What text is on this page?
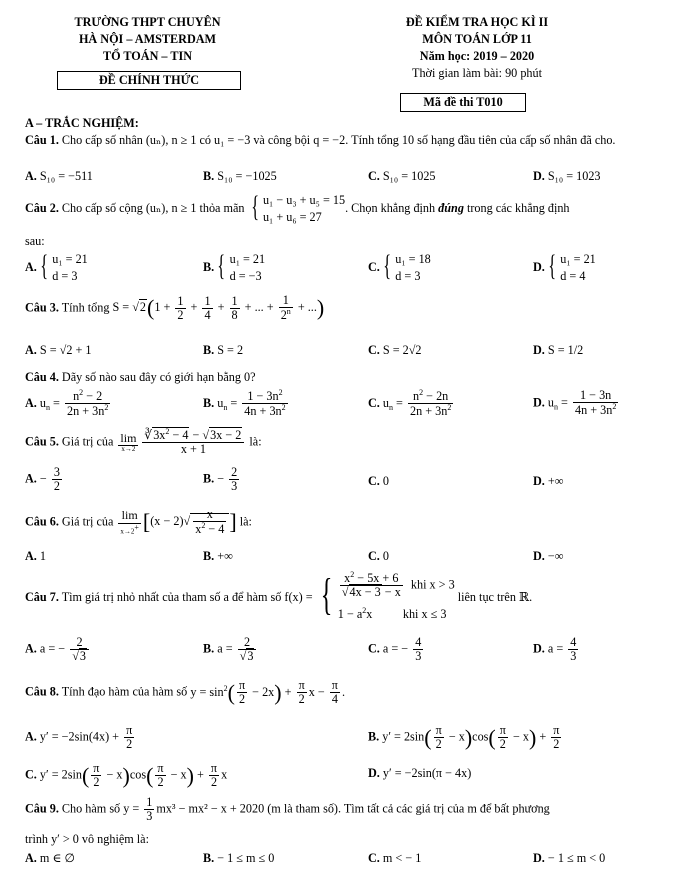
TRƯỜNG THPT CHUYÊN
HÀ NỘI – AMSTERDAM
TỔ TOÁN – TIN
ĐỀ CHÍNH THỨC
ĐỀ KIỂM TRA HỌC KÌ II
MÔN TOÁN LỚP 11
Năm học: 2019 – 2020
Thời gian làm bài: 90 phút
Mã đề thi T010
A – TRẮC NGHIỆM:
Câu 1. Cho cấp số nhân (uₙ), n ≥ 1 có u₁ = −3 và công bội q = −2. Tính tổng 10 số hạng đầu tiên của cấp số nhân đã cho.
A. S₁₀ = −511	B. S₁₀ = −1025	C. S₁₀ = 1025	D. S₁₀ = 1023
Câu 2. Cho cấp số cộng (uₙ), n ≥ 1 thỏa mãn { u₁ − u₃ + u₅ = 15
u₁ + u₆ = 27
. Chọn khẳng định đúng trong các khẳng định
sau:
A. { u₁ = 21
d = 3
B. { u₁ = 21
d = −3
C. { u₁ = 18
d = 3
D. { u₁ = 21
d = 4
Câu 3. Tính tổng $S = √2(1 + \frac{1}{2} + \frac{1}{4} + \frac{1}{8}$ + ... + $\frac{1}{2^n}$ + ...)
A. S = √2 + 1	B. S = 2	C. S = 2√2	D. S = 1/2
Câu 4. Dãy số nào sau đây có giới hạn bằng 0?
A. $u_n = \frac{n^2 - 2}{2n + 3n^2}$	B. $u_n = \frac{1 - 3n^2}{4n + 3n^2}$	C. $u_n = \frac{n^2 - 2n}{2n + 3n^2}$	D. $u_n = \frac{1 - 3n}{4n + 3n^2}$
Câu 5. Giá trị của $\frac{\lim}{x\to 2} \frac{∛3x^2 - 4 - √3x - 2}{x + 1}$ là:
A. − $\frac{3}{2}$	B. − $\frac{2}{3}$	C. 0	D. +∞
Câu 6. Giá trị của $\frac{\lim}{x\to 2^+} [(x - 2)√ \frac{x}{x^2 - 4}$ ] là:
A. 1	B. +∞	C. 0	D. −∞
Câu 7. Tìm giá trị nhỏ nhất của tham số a để hàm số f(x) = { $\frac{x^2 - 5x + 6}{√4x - 3 - x}$ khi x > 3
$1 - a^2x$          khi x ≤ 3
liên tục trên ℝ.
A. a = − $\frac{2}{√3}$	B. $a = \frac{2}{√3}$	C. a = − $\frac{4}{3}$	D. $a = \frac{4}{3}$
Câu 8. Tính đạo hàm của hàm số $y = \sin^2( \frac{\pi}{2} - 2x) + \frac{\pi}{2}$ $x - \frac{\pi}{4}$ .
A. $y' = -2\sin(4x) + \frac{\pi}{2}$	B. $y' = 2\sin( \frac{\pi}{2} - x)\cos( \frac{\pi}{2} - x) + \frac{\pi}{2}$
C. $y' = 2\sin( \frac{\pi}{2} - x)\cos( \frac{\pi}{2} - x) + \frac{\pi}{2}$ x	D. y′ = −2sin(π − 4x)
Câu 9. Cho hàm số $y = \frac{1}{3} mx^3 - mx^2 - x + 2020$ (m là tham số). Tìm tất cả các giá trị của m để bất phương
trình y′ > 0 vô nghiệm là:
A. m ∈ ∅	B. − 1 ≤ m ≤ 0	C. m < − 1	D. − 1 ≤ m < 0
